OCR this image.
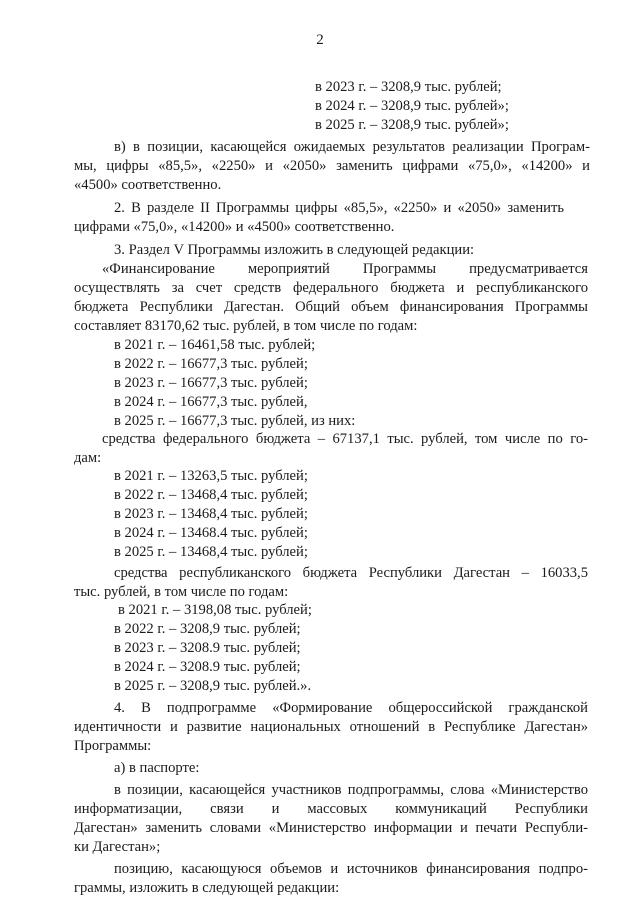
2
в 2023 г. – 3208,9 тыс. рублей;
в 2024 г. – 3208,9 тыс. рублей»;
в 2025 г. – 3208,9 тыс. рублей»;
в) в позиции, касающейся ожидаемых результатов реализации Програм-
мы, цифры «85,5», «2250» и «2050» заменить цифрами «75,0», «14200» и
«4500» соответственно.
2. В разделе II Программы цифры «85,5», «2250» и «2050» заменить
цифрами «75,0», «14200» и «4500» соответственно.
3. Раздел V Программы изложить в следующей редакции:
«Финансирование мероприятий Программы предусматривается
осуществлять за счет средств федерального бюджета и республиканского
бюджета Республики Дагестан. Общий объем финансирования Программы
составляет 83170,62 тыс. рублей, в том числе по годам:
в 2021 г. – 16461,58 тыс. рублей;
в 2022 г. – 16677,3 тыс. рублей;
в 2023 г. – 16677,3 тыс. рублей;
в 2024 г. – 16677,3 тыс. рублей,
в 2025 г. – 16677,3 тыс. рублей, из них:
средства федерального бюджета – 67137,1 тыс. рублей, том числе по го-
дам:
в 2021 г. – 13263,5 тыс. рублей;
в 2022 г. – 13468,4 тыс. рублей;
в 2023 г. – 13468,4 тыс. рублей;
в 2024 г. – 13468.4 тыс. рублей;
в 2025 г. – 13468,4 тыс. рублей;
средства республиканского бюджета Республики Дагестан – 16033,5
тыс. рублей, в том числе по годам:
в 2021 г. – 3198,08 тыс. рублей;
в 2022 г. – 3208,9 тыс. рублей;
в 2023 г. – 3208.9 тыс. рублей;
в 2024 г. – 3208.9 тыс. рублей;
в 2025 г. – 3208,9 тыс. рублей.».
4. В подпрограмме «Формирование общероссийской гражданской
идентичности и развитие национальных отношений в Республике Дагестан»
Программы:
а) в паспорте:
в позиции, касающейся участников подпрограммы, слова «Министерство
информатизации, связи и массовых коммуникаций Республики
Дагестан» заменить словами «Министерство информации и печати Республи-
ки Дагестан»;
позицию, касающуюся объемов и источников финансирования подпро-
граммы, изложить в следующей редакции:
